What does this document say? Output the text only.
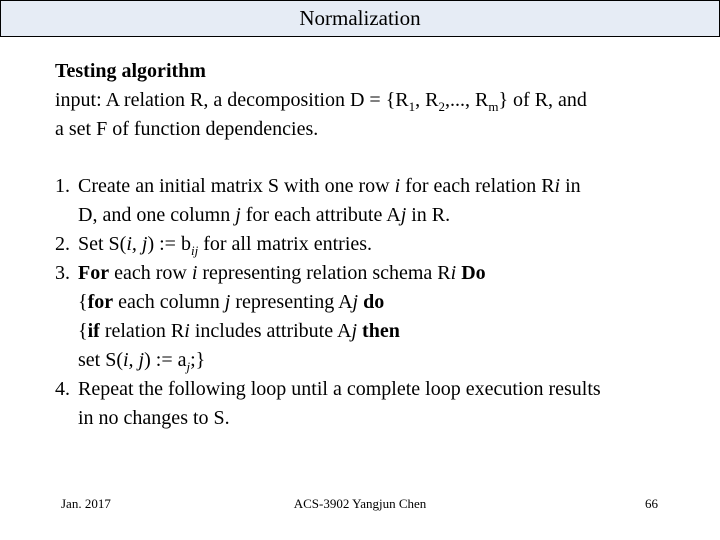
Normalization
Testing algorithm
input: A relation R, a decomposition $D = \{R_1$, $R_2$,..., $R_m$} of R, and
a set F of function dependencies.
1. Create an initial matrix S with one row i for each relation Ri in
D, and one column j for each attribute Aj in R.
2. Set S(i, j) := $b_{ij}$ for all matrix entries.
3. For each row i representing relation schema Ri Do
{for each column j representing Aj do
{if relation Ri includes attribute Aj then
set S(i, j) := $a_j$;}
4. Repeat the following loop until a complete loop execution results
in no changes to S.
Jan. 2017	ACS-3902 Yangjun Chen	66
